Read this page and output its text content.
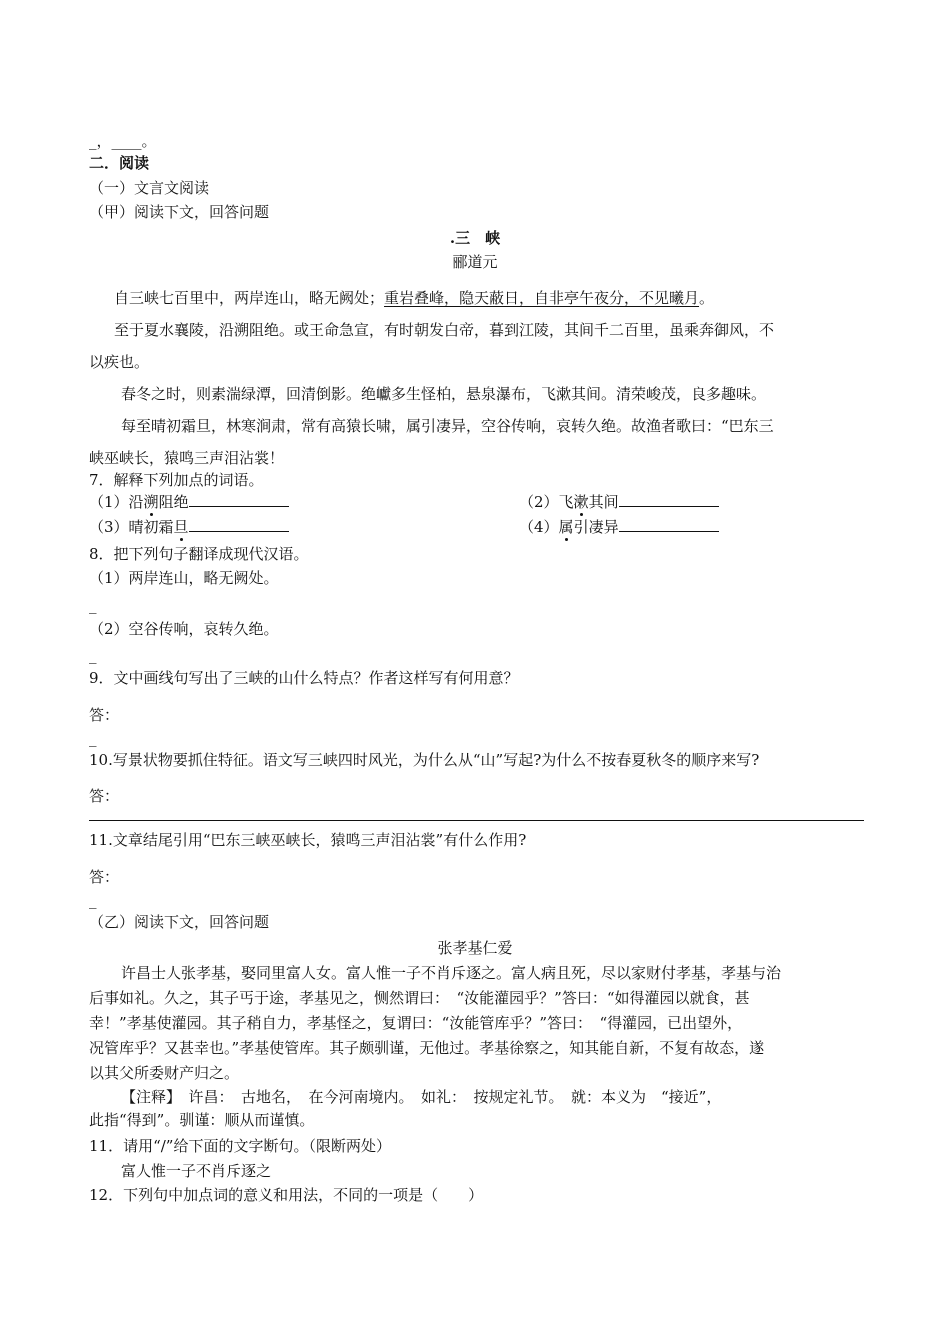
_，____。
二．阅读
（一）文言文阅读
（甲）阅读下文，回答问题
.三　峡
郦道元
自三峡七百里中，两岸连山，略无阙处；重岩叠峰，隐天蔽日，自非亭午夜分，不见曦月。
至于夏水襄陵，沿溯阻绝。或王命急宣，有时朝发白帝，暮到江陵，其间千二百里，虽乘奔御风，不
以疾也。
春冬之时，则素湍绿潭，回清倒影。绝巘多生怪柏，悬泉瀑布，飞漱其间。清荣峻茂，良多趣味。
每至晴初霜旦，林寒涧肃，常有高猿长啸，属引凄异，空谷传响，哀转久绝。故渔者歌曰：“巴东三
峡巫峡长，猿鸣三声泪沾裳！
7．解释下列加点的词语。
（1）沿溯阻绝	（2）飞漱其间
（3）晴初霜旦	（4）属引凄异
8．把下列句子翻译成现代汉语。
（1）两岸连山，略无阙处。
_
（2）空谷传响，哀转久绝。
_
9．文中画线句写出了三峡的山什么特点？作者这样写有何用意？
答：
_
10.写景状物要抓住特征。语文写三峡四时风光，为什么从“山”写起?为什么不按春夏秋冬的顺序来写?
答：
11.文章结尾引用“巴东三峡巫峡长，猿鸣三声泪沾裳”有什么作用?
答：
_
（乙）阅读下文，回答问题
张孝基仁爱
许昌士人张孝基，娶同里富人女。富人惟一子不肖斥逐之。富人病且死，尽以家财付孝基，孝基与治
后事如礼。久之，其子丐于途，孝基见之，恻然谓曰：　“汝能灌园乎？”答曰：“如得灌园以就食，甚
幸！”孝基使灌园。其子稍自力，孝基怪之，复谓曰：“汝能管库乎？”答曰：　“得灌园，已出望外，
况管库乎？又甚幸也。”孝基使管库。其子颇驯谨，无他过。孝基徐察之，知其能自新，不复有故态，遂
以其父所委财产归之。
【注释】　许昌：　古地名，　在今河南境内。　如礼：　按规定礼节。　就：本义为　“接近”，
此指“得到”。驯谨：顺从而谨慎。
11．请用“/”给下面的文字断句。（限断两处）
富人惟一子不肖斥逐之
12．下列句中加点词的意义和用法，不同的一项是（　　）
